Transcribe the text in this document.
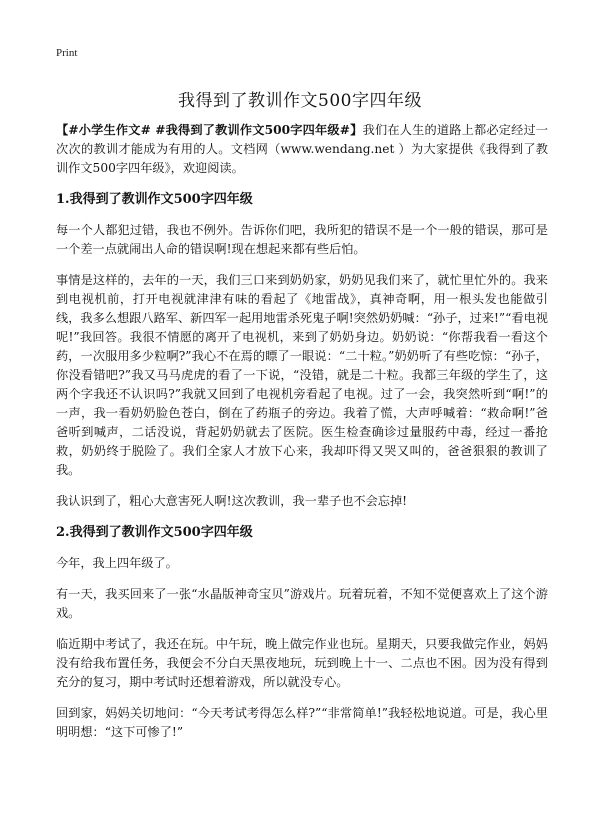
Print
我得到了教训作文500字四年级

【#小学生作文# #我得到了教训作文500字四年级#】我们在人生的道路上都必定经过一次次的教训才能成为有用的人。文档网（www.wendang.net ）为大家提供《我得到了教训作文500字四年级》，欢迎阅读。

1.我得到了教训作文500字四年级

每一个人都犯过错，我也不例外。告诉你们吧，我所犯的错误不是一个一般的错误，那可是一个差一点就闹出人命的错误啊!现在想起来都有些后怕。

事情是这样的，去年的一天，我们三口来到奶奶家，奶奶见我们来了，就忙里忙外的。我来到电视机前，打开电视就津津有味的看起了《地雷战》，真神奇啊，用一根头发也能做引线，我多么想跟八路军、新四军一起用地雷杀死鬼子啊!突然奶奶喊：“孙子，过来!”“看电视呢!”我回答。我很不情愿的离开了电视机，来到了奶奶身边。奶奶说：“你帮我看一看这个药，一次服用多少粒啊?”我心不在焉的瞟了一眼说：“二十粒。”奶奶听了有些吃惊：“孙子，你没看错吧?”我又马马虎虎的看了一下说，“没错，就是二十粒。我都三年级的学生了，这两个字我还不认识吗?”我就又回到了电视机旁看起了电视。过了一会，我突然听到“啊!”的一声，我一看奶奶脸色苍白，倒在了药瓶子的旁边。我着了慌，大声呼喊着：“救命啊!”爸爸听到喊声，二话没说，背起奶奶就去了医院。医生检查确诊过量服药中毒，经过一番抢救，奶奶终于脱险了。我们全家人才放下心来，我却吓得又哭又叫的，爸爸狠狠的教训了我。

我认识到了，粗心大意害死人啊!这次教训，我一辈子也不会忘掉!

2.我得到了教训作文500字四年级

今年，我上四年级了。

有一天，我买回来了一张“水晶版神奇宝贝”游戏片。玩着玩着，不知不觉便喜欢上了这个游戏。

临近期中考试了，我还在玩。中午玩，晚上做完作业也玩。星期天，只要我做完作业，妈妈没有给我布置任务，我便会不分白天黑夜地玩，玩到晚上十一、二点也不困。因为没有得到充分的复习，期中考试时还想着游戏，所以就没专心。

回到家，妈妈关切地问：“今天考试考得怎么样?”“非常简单!”我轻松地说道。可是，我心里明明想：“这下可惨了!”
